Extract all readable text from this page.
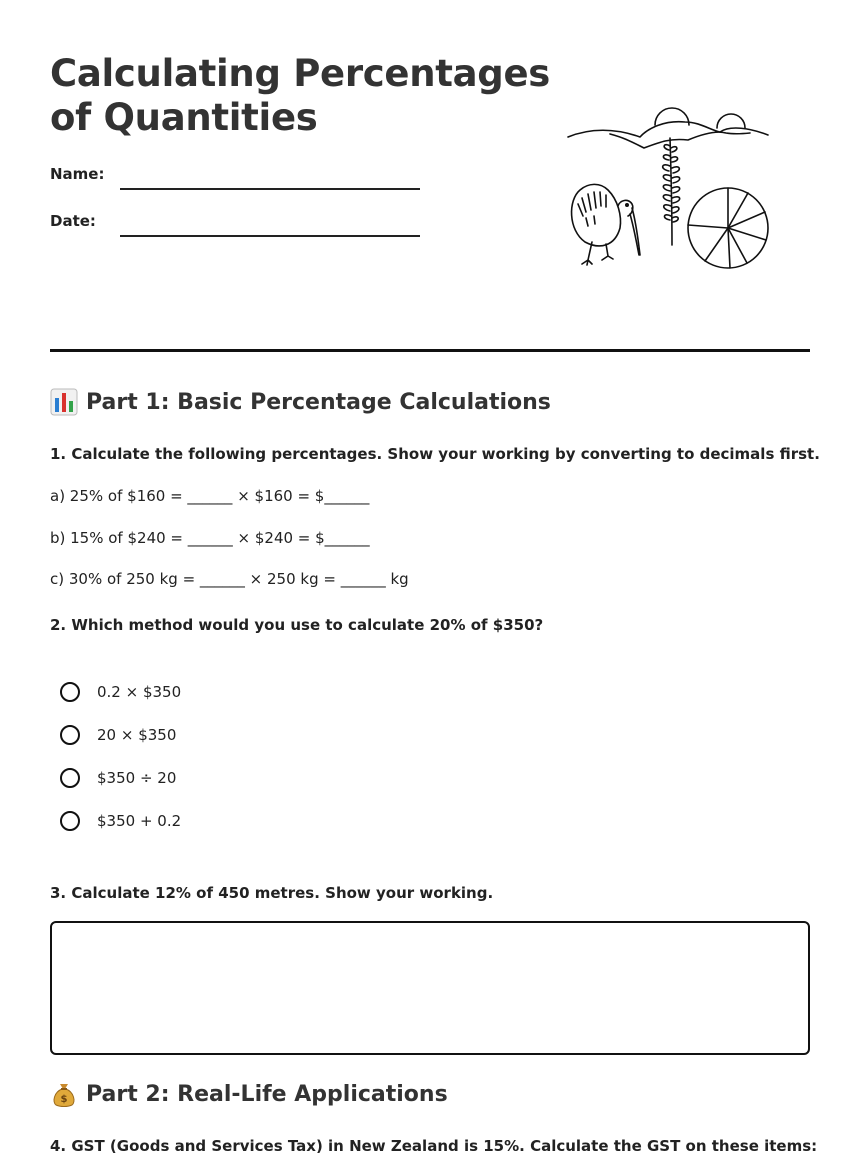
Calculating Percentages
of Quantities
Name:
Date:
Part 1: Basic Percentage Calculations
1. Calculate the following percentages. Show your working by converting to decimals first.
a) 25% of $160 = ______ × $160 = $______
b) 15% of $240 = ______ × $240 = $______
c) 30% of 250 kg = ______ × 250 kg = ______ kg
2. Which method would you use to calculate 20% of $350?
0.2 × $350
20 × $350
$350 ÷ 20
$350 + 0.2
3. Calculate 12% of 450 metres. Show your working.
$ Part 2: Real-Life Applications
4. GST (Goods and Services Tax) in New Zealand is 15%. Calculate the GST on these items:
